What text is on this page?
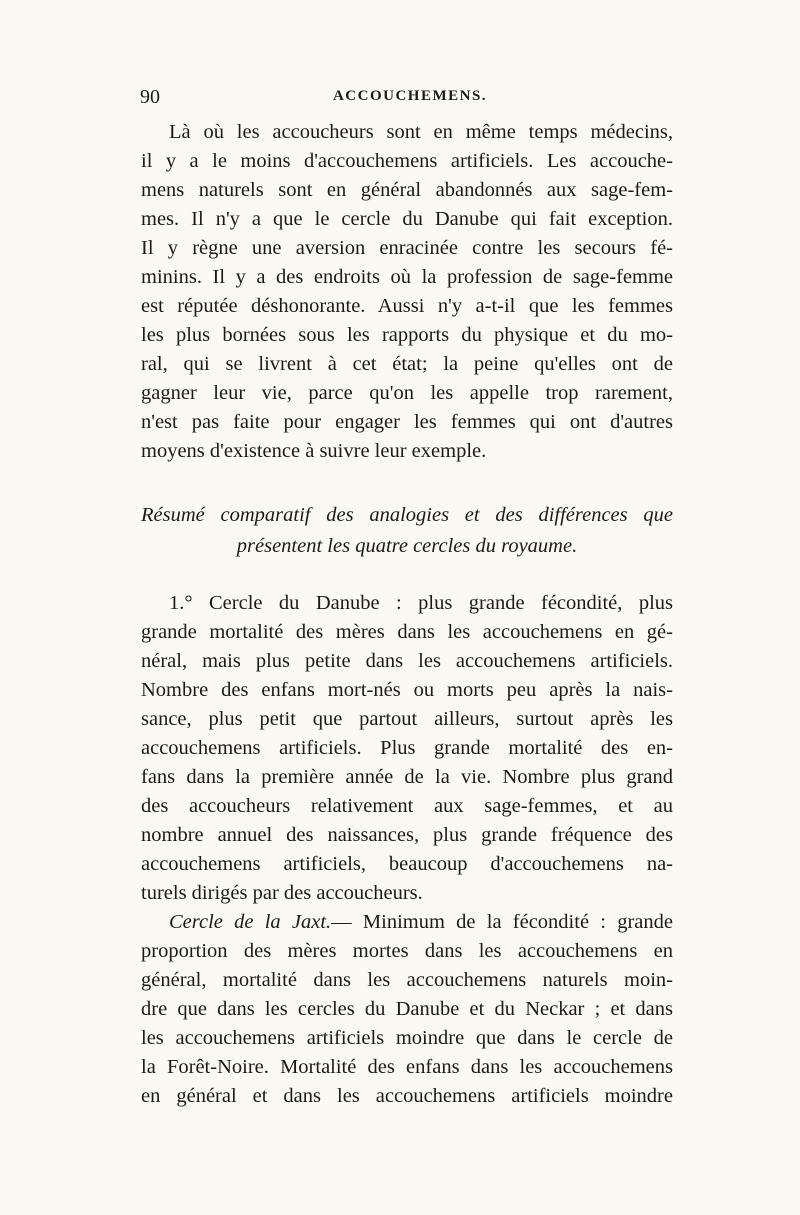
90	ACCOUCHEMENS.
Là où les accoucheurs sont en même temps médecins,
il y a le moins d'accouchemens artificiels. Les accouche-
mens naturels sont en général abandonnés aux sage-fem-
mes. Il n'y a que le cercle du Danube qui fait exception.
Il y règne une aversion enracinée contre les secours fé-
minins. Il y a des endroits où la profession de sage-femme
est réputée déshonorante. Aussi n'y a-t-il que les femmes
les plus bornées sous les rapports du physique et du mo-
ral, qui se livrent à cet état; la peine qu'elles ont de
gagner leur vie, parce qu'on les appelle trop rarement,
n'est pas faite pour engager les femmes qui ont d'autres
moyens d'existence à suivre leur exemple.
Résumé comparatif des analogies et des différences que
présentent les quatre cercles du royaume.
1.° Cercle du Danube : plus grande fécondité, plus
grande mortalité des mères dans les accouchemens en gé-
néral, mais plus petite dans les accouchemens artificiels.
Nombre des enfans mort-nés ou morts peu après la nais-
sance, plus petit que partout ailleurs, surtout après les
accouchemens artificiels. Plus grande mortalité des en-
fans dans la première année de la vie. Nombre plus grand
des accoucheurs relativement aux sage-femmes, et au
nombre annuel des naissances, plus grande fréquence des
accouchemens artificiels, beaucoup d'accouchemens na-
turels dirigés par des accoucheurs.
Cercle de la Jaxt.— Minimum de la fécondité : grande
proportion des mères mortes dans les accouchemens en
général, mortalité dans les accouchemens naturels moin-
dre que dans les cercles du Danube et du Neckar ; et dans
les accouchemens artificiels moindre que dans le cercle de
la Forêt-Noire. Mortalité des enfans dans les accouchemens
en général et dans les accouchemens artificiels moindre
